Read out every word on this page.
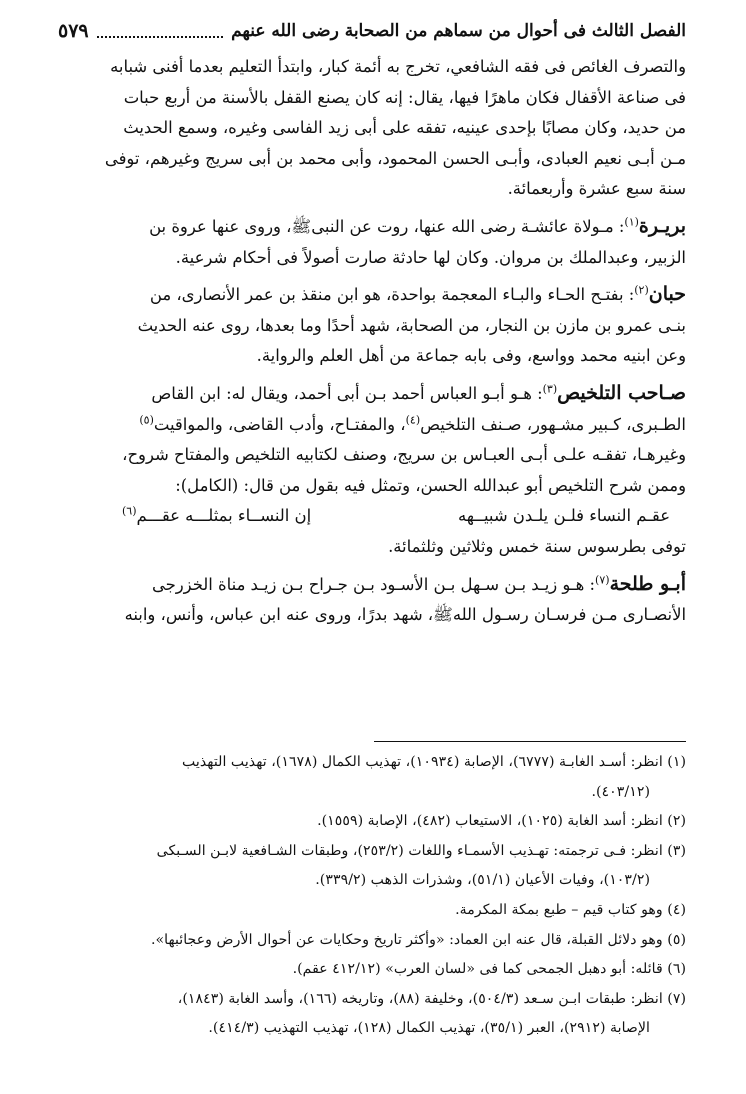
الفصل الثالث فى أحوال من سماهم من الصحابة رضى الله عنهم
٥٧٩

والتصرف الغائص فى فقه الشافعي، تخرج به أئمة كبار، وابتدأ التعليم بعدما أفنى شبابه

فى صناعة الأقفال فكان ماهرًا فيها، يقال: إنه كان يصنع القفل بالأسنة من أربع حبات

من حديد، وكان مصابًا بإحدى عينيه، تفقه على أبى زيد الفاسى وغيره، وسمع الحديث

مـن أبـى نعيم العبادى، وأبـى الحسن المحمود، وأبى محمد بن أبى سريج وغيرهم، توفى

سنة سبع عشرة وأربعمائة.

بريـرة$^{(١)}$: مـولاة عائشـة رضى الله عنها، روت عن النبىﷺ، وروى عنها عروة بن

الزبير، وعبدالملك بن مروان. وكان لها حادثة صارت أصولاً فى أحكام شرعية.

حبان$^{(٢)}$: بفتـح الحـاء والبـاء المعجمة بواحدة، هو ابن منقذ بن عمر الأنصارى، من

بنـى عمرو بن مازن بن النجار، من الصحابة، شهد أحدًا وما بعدها، روى عنه الحديث

وعن ابنيه محمد وواسع، وفى بابه جماعة من أهل العلم والرواية.

صـاحب التلخيص$^{(٣)}$: هـو أبـو العباس أحمد بـن أبى أحمد، ويقال له: ابن القاص

الطـبرى، كـبير مشـهور، صـنف التلخيص$^{(٤)}$، والمفتـاح، وأدب القاضى، والمواقيت$^{(٥)}$

وغيرهـا، تفقـه علـى أبـى العبـاس بن سريج، وصنف لكتابيه التلخيص والمفتاح شروح،

وممن شرح التلخيص أبو عبدالله الحسن، وتمثل فيه بقول من قال: (الكامل):

عقـم النساء فلـن يلـدن شبيــهه
إن النســاء بمثلـــه عقـــم$^{(٦)}$

توفى بطرسوس سنة خمس وثلاثين وثلثمائة.

أبـو طلحة$^{(٧)}$: هـو زيـد بـن سـهل بـن الأسـود بـن جـراح بـن زيـد مناة الخزرجى

الأنصـارى مـن فرسـان رسـول اللهﷺ، شهد بدرًا، وروى عنه ابن عباس، وأنس، وابنه

(١) انظر: أسـد الغابـة (٦٧٧٧)، الإصابة (١٠٩٣٤)، تهذيب الكمال (١٦٧٨)، تهذيب التهذيب

(٤٠٣/١٢).

(٢) انظر: أسد الغابة (١٠٢٥)، الاستيعاب (٤٨٢)، الإصابة (١٥٥٩).

(٣) انظر: فـى ترجمته: تهـذيب الأسمـاء واللغات (٢٥٣/٢)، وطبقات الشـافعية لابـن السـبكى

(١٠٣/٢)، وفيات الأعيان (٥١/١)، وشذرات الذهب (٣٣٩/٢).

(٤) وهو كتاب قيم – طبع بمكة المكرمة.

(٥) وهو دلائل القبلة، قال عنه ابن العماد: «وأكثر تاريخ وحكايات عن أحوال الأرض وعجائبها».

(٦) قائله: أبو دهبل الجمحى كما فى «لسان العرب» (٤١٢/١٢ عقم).

(٧) انظر: طبقات ابـن سـعد (٥٠٤/٣)، وخليفة (٨٨)، وتاريخه (١٦٦)، وأسد الغابة (١٨٤٣)،

الإصابة (٢٩١٢)، العبر (٣٥/١)، تهذيب الكمال (١٢٨)، تهذيب التهذيب (٤١٤/٣).
